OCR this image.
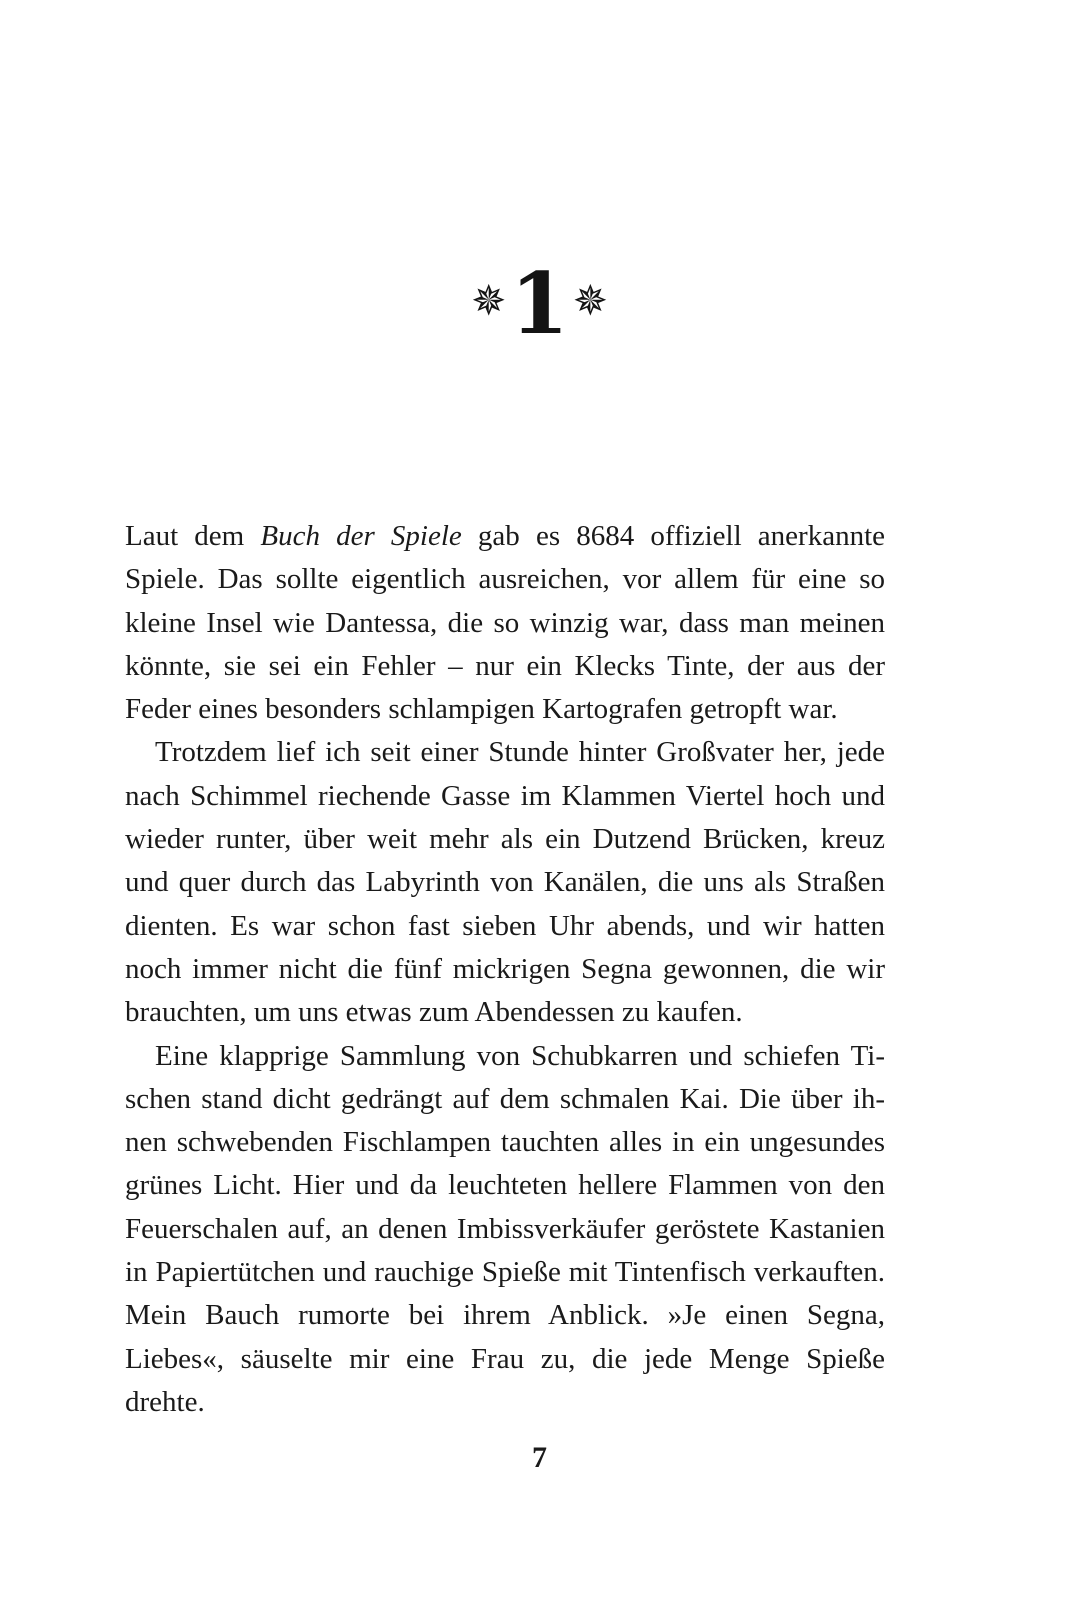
✵1✵

Laut dem Buch der Spiele gab es 8684 offiziell anerkannte Spiele. Das sollte eigentlich ausreichen, vor allem für eine so kleine Insel wie Dantessa, die so winzig war, dass man meinen könnte, sie sei ein Fehler – nur ein Klecks Tinte, der aus der Feder eines besonders schlampigen Kartografen getropft war.

Trotzdem lief ich seit einer Stunde hinter Großvater her, jede nach Schimmel riechende Gasse im Klammen Viertel hoch und wieder runter, über weit mehr als ein Dutzend Brücken, kreuz und quer durch das Labyrinth von Kanälen, die uns als Straßen dienten. Es war schon fast sieben Uhr abends, und wir hatten noch immer nicht die fünf mickrigen Segna gewonnen, die wir brauchten, um uns etwas zum Abendessen zu kaufen.

Eine klapprige Sammlung von Schubkarren und schiefen Tischen stand dicht gedrängt auf dem schmalen Kai. Die über ihnen schwebenden Fischlampen tauchten alles in ein ungesundes grünes Licht. Hier und da leuchteten hellere Flammen von den Feuerschalen auf, an denen Imbissverkäufer geröstete Kastanien in Papiertütchen und rauchige Spieße mit Tintenfisch verkauften. Mein Bauch rumorte bei ihrem Anblick. »Je einen Segna, Liebes«, säuselte mir eine Frau zu, die jede Menge Spieße drehte.

7
